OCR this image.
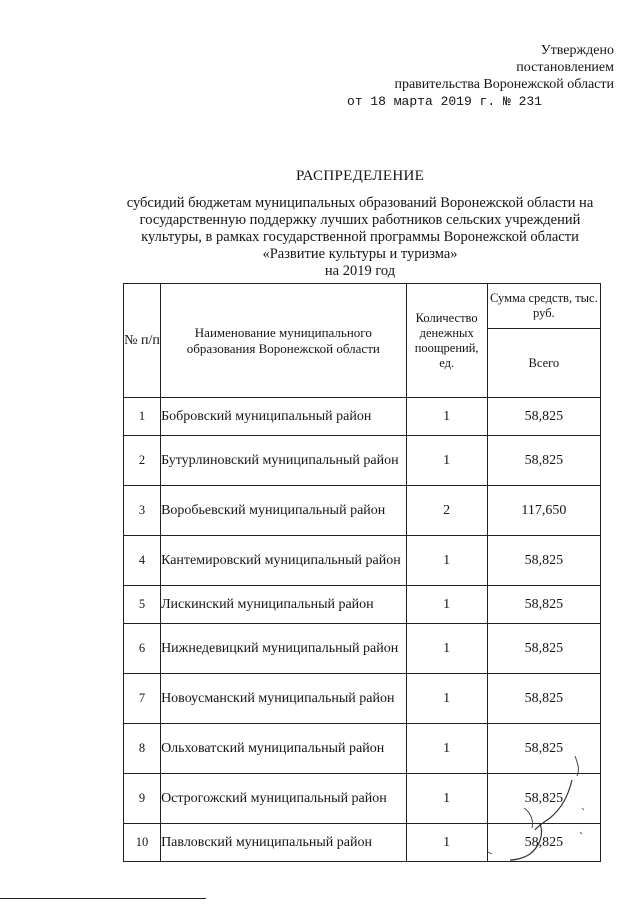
Утверждено
постановлением
правительства Воронежской области
от 18 марта 2019 г. № 231
РАСПРЕДЕЛЕНИЕ
субсидий бюджетам муниципальных образований Воронежской области на
государственную поддержку лучших работников сельских учреждений
культуры, в рамках государственной программы Воронежской области
«Развитие культуры и туризма»
на 2019 год
№ п/п	Наименование муниципального образования Воронежской области	Количество денежных поощрений, ед.	Сумма средств, тыс. руб.
			Всего
1	Бобровский муниципальный район	1	58,825
2	Бутурлиновский муниципальный район	1	58,825
3	Воробьевский муниципальный район	2	117,650
4	Кантемировский муниципальный район	1	58,825
5	Лискинский муниципальный район	1	58,825
6	Нижнедевицкий муниципальный район	1	58,825
7	Новоусманский муниципальный район	1	58,825
8	Ольховатский муниципальный район	1	58,825
9	Острогожский муниципальный район	1	58,825
10	Павловский муниципальный район	1	58,825
